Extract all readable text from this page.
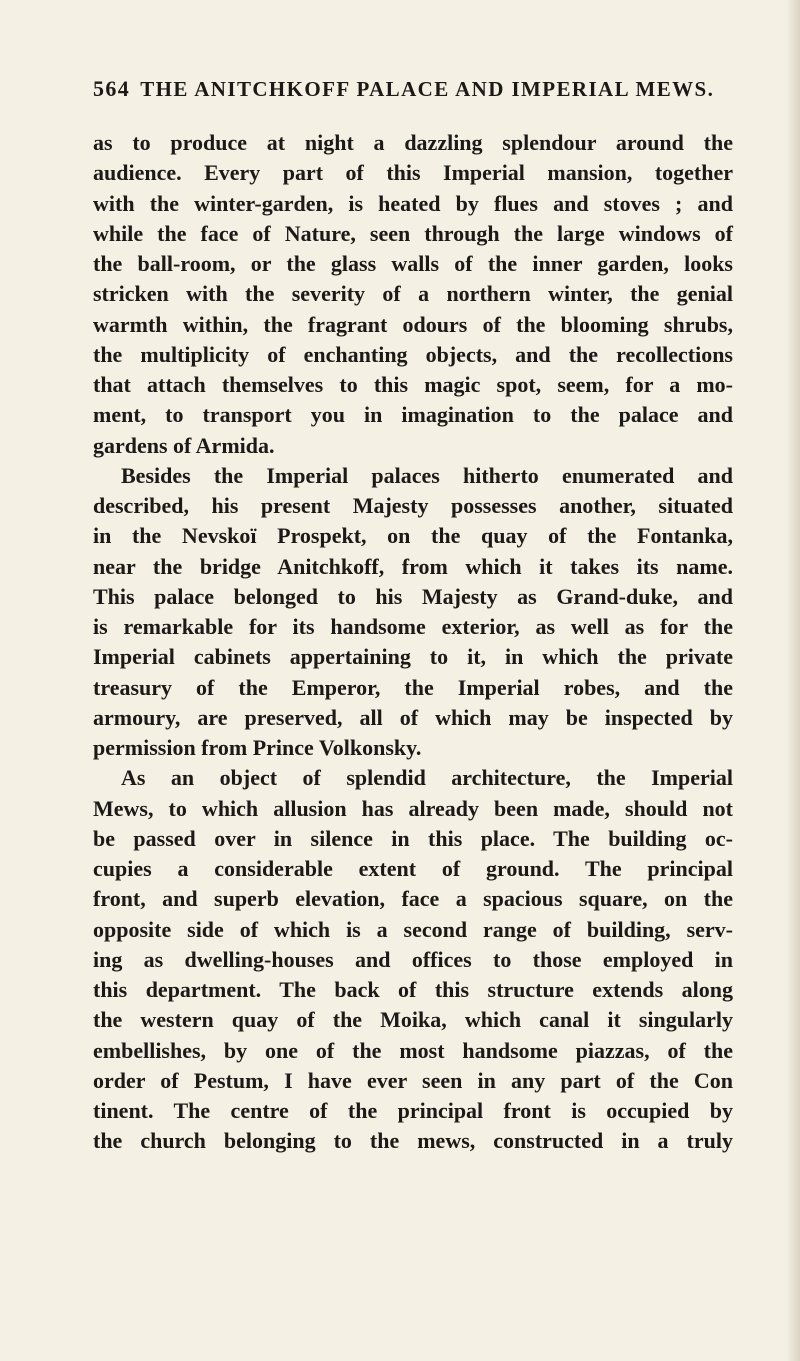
564 THE ANITCHKOFF PALACE AND IMPERIAL MEWS.
as to produce at night a dazzling splendour around the
audience. Every part of this Imperial mansion, together
with the winter-garden, is heated by flues and stoves ; and
while the face of Nature, seen through the large windows of
the ball-room, or the glass walls of the inner garden, looks
stricken with the severity of a northern winter, the genial
warmth within, the fragrant odours of the blooming shrubs,
the multiplicity of enchanting objects, and the recollections
that attach themselves to this magic spot, seem, for a mo-
ment, to transport you in imagination to the palace and
gardens of Armida.
Besides the Imperial palaces hitherto enumerated and
described, his present Majesty possesses another, situated
in the Nevskoï Prospekt, on the quay of the Fontanka,
near the bridge Anitchkoff, from which it takes its name.
This palace belonged to his Majesty as Grand-duke, and
is remarkable for its handsome exterior, as well as for the
Imperial cabinets appertaining to it, in which the private
treasury of the Emperor, the Imperial robes, and the
armoury, are preserved, all of which may be inspected by
permission from Prince Volkonsky.
As an object of splendid architecture, the Imperial
Mews, to which allusion has already been made, should not
be passed over in silence in this place. The building oc-
cupies a considerable extent of ground. The principal
front, and superb elevation, face a spacious square, on the
opposite side of which is a second range of building, serv-
ing as dwelling-houses and offices to those employed in
this department. The back of this structure extends along
the western quay of the Moika, which canal it singularly
embellishes, by one of the most handsome piazzas, of the
order of Pestum, I have ever seen in any part of the Con
tinent. The centre of the principal front is occupied by
the church belonging to the mews, constructed in a truly
